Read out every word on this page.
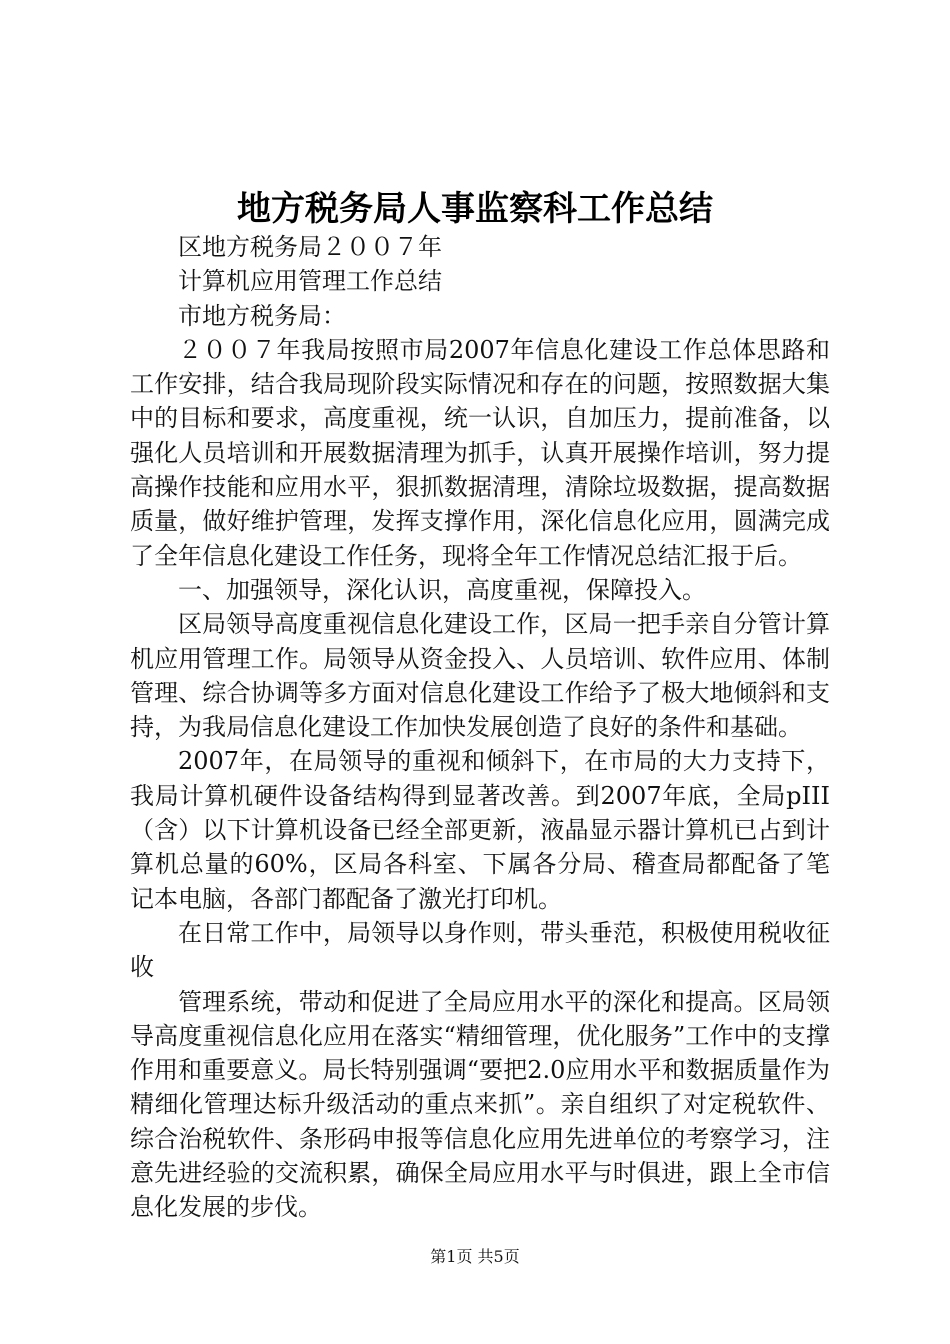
地方税务局人事监察科工作总结

区地方税务局２００７年

计算机应用管理工作总结

市地方税务局：

２００７年我局按照市局2007年信息化建设工作总体思路和工作安排，结合我局现阶段实际情况和存在的问题，按照数据大集中的目标和要求，高度重视，统一认识，自加压力，提前准备，以强化人员培训和开展数据清理为抓手，认真开展操作培训，努力提高操作技能和应用水平，狠抓数据清理，清除垃圾数据，提高数据质量，做好维护管理，发挥支撑作用，深化信息化应用，圆满完成了全年信息化建设工作任务，现将全年工作情况总结汇报于后。

一、加强领导，深化认识，高度重视，保障投入。

区局领导高度重视信息化建设工作，区局一把手亲自分管计算机应用管理工作。局领导从资金投入、人员培训、软件应用、体制管理、综合协调等多方面对信息化建设工作给予了极大地倾斜和支持，为我局信息化建设工作加快发展创造了良好的条件和基础。

2007年，在局领导的重视和倾斜下，在市局的大力支持下，我局计算机硬件设备结构得到显著改善。到2007年底，全局pIII（含）以下计算机设备已经全部更新，液晶显示器计算机已占到计算机总量的60%，区局各科室、下属各分局、稽查局都配备了笔记本电脑，各部门都配备了激光打印机。

在日常工作中，局领导以身作则，带头垂范，积极使用税收征收

管理系统，带动和促进了全局应用水平的深化和提高。区局领导高度重视信息化应用在落实“精细管理，优化服务”工作中的支撑作用和重要意义。局长特别强调“要把2.0应用水平和数据质量作为精细化管理达标升级活动的重点来抓”。亲自组织了对定税软件、综合治税软件、条形码申报等信息化应用先进单位的考察学习，注意先进经验的交流积累，确保全局应用水平与时俱进，跟上全市信息化发展的步伐。

第1页 共5页
